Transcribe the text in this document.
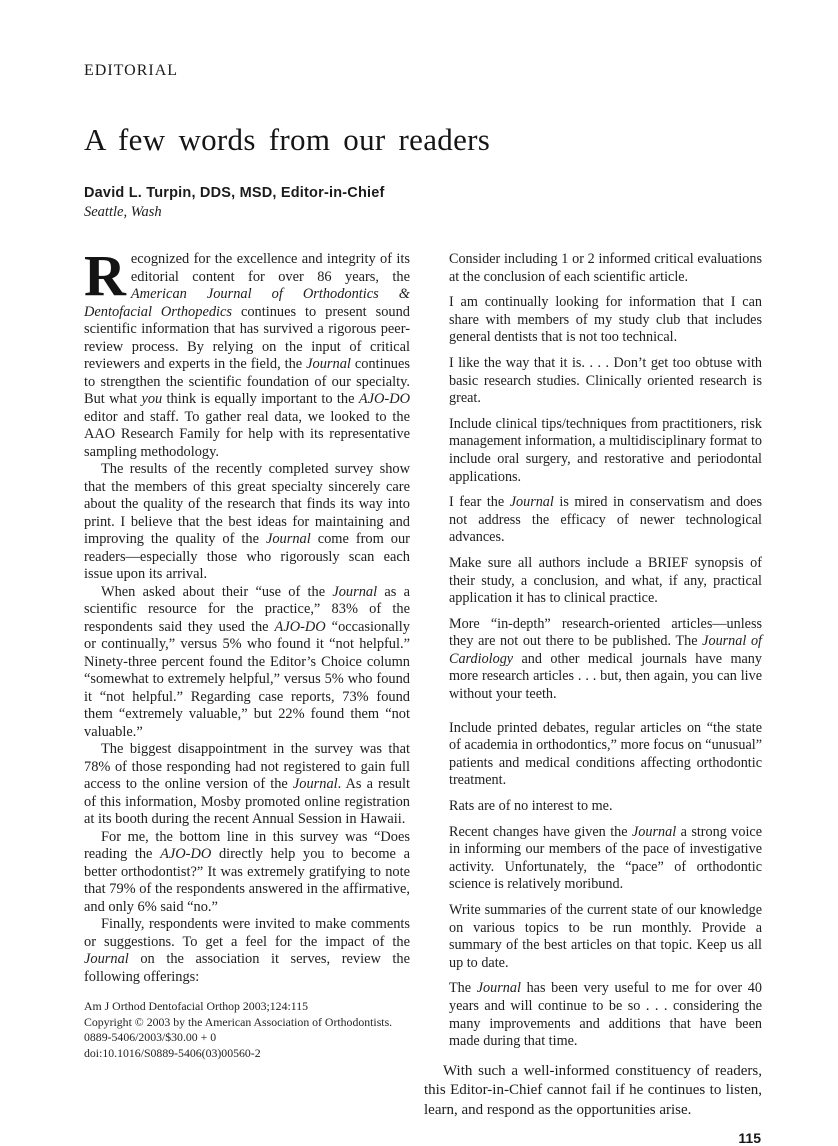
EDITORIAL
A few words from our readers
David L. Turpin, DDS, MSD, Editor-in-Chief
Seattle, Wash

Recognized for the excellence and integrity of its editorial content for over 86 years, the American Journal of Orthodontics & Dentofacial Orthopedics continues to present sound scientific information that has survived a rigorous peer-review process. By relying on the input of critical reviewers and experts in the field, the Journal continues to strengthen the scientific foundation of our specialty. But what you think is equally important to the AJO-DO editor and staff. To gather real data, we looked to the AAO Research Family for help with its representative sampling methodology.

The results of the recently completed survey show that the members of this great specialty sincerely care about the quality of the research that finds its way into print. I believe that the best ideas for maintaining and improving the quality of the Journal come from our readers—especially those who rigorously scan each issue upon its arrival.

When asked about their “use of the Journal as a scientific resource for the practice,” 83% of the respondents said they used the AJO-DO “occasionally or continually,” versus 5% who found it “not helpful.” Ninety-three percent found the Editor’s Choice column “somewhat to extremely helpful,” versus 5% who found it “not helpful.” Regarding case reports, 73% found them “extremely valuable,” but 22% found them “not valuable.”

The biggest disappointment in the survey was that 78% of those responding had not registered to gain full access to the online version of the Journal. As a result of this information, Mosby promoted online registration at its booth during the recent Annual Session in Hawaii.

For me, the bottom line in this survey was “Does reading the AJO-DO directly help you to become a better orthodontist?” It was extremely gratifying to note that 79% of the respondents answered in the affirmative, and only 6% said “no.”

Finally, respondents were invited to make comments or suggestions. To get a feel for the impact of the Journal on the association it serves, review the following offerings:

Am J Orthod Dentofacial Orthop 2003;124:115
Copyright © 2003 by the American Association of Orthodontists.
0889-5406/2003/$30.00 + 0
doi:10.1016/S0889-5406(03)00560-2

Consider including 1 or 2 informed critical evaluations at the conclusion of each scientific article.

I am continually looking for information that I can share with members of my study club that includes general dentists that is not too technical.

I like the way that it is. . . . Don’t get too obtuse with basic research studies. Clinically oriented research is great.

Include clinical tips/techniques from practitioners, risk management information, a multidisciplinary format to include oral surgery, and restorative and periodontal applications.

I fear the Journal is mired in conservatism and does not address the efficacy of newer technological advances.

Make sure all authors include a BRIEF synopsis of their study, a conclusion, and what, if any, practical application it has to clinical practice.

More “in-depth” research-oriented articles—unless they are not out there to be published. The Journal of Cardiology and other medical journals have many more research articles . . . but, then again, you can live without your teeth.

Include printed debates, regular articles on “the state of academia in orthodontics,” more focus on “unusual” patients and medical conditions affecting orthodontic treatment.

Rats are of no interest to me.

Recent changes have given the Journal a strong voice in informing our members of the pace of investigative activity. Unfortunately, the “pace” of orthodontic science is relatively moribund.

Write summaries of the current state of our knowledge on various topics to be run monthly. Provide a summary of the best articles on that topic. Keep us all up to date.

The Journal has been very useful to me for over 40 years and will continue to be so . . . considering the many improvements and additions that have been made during that time.

With such a well-informed constituency of readers, this Editor-in-Chief cannot fail if he continues to listen, learn, and respond as the opportunities arise.

115
